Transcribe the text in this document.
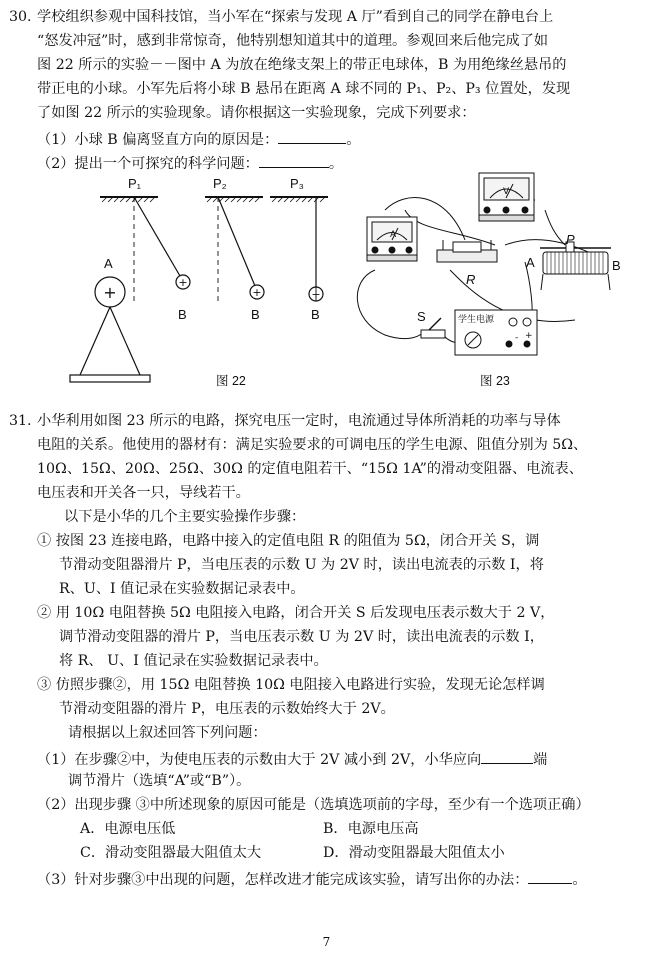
30. 学校组织参观中国科技馆，当小军在“探索与发现 A 厅”看到自己的同学在静电台上
“怒发冲冠”时，感到非常惊奇，他特别想知道其中的道理。参观回来后他完成了如
图 22 所示的实验－－图中 A 为放在绝缘支架上的带正电球体，B 为用绝缘丝悬吊的
带正电的小球。小军先后将小球 B 悬吊在距离 A 球不同的 P₁、P₂、P₃ 位置处，发现
了如图 22 所示的实验现象。请你根据这一实验现象，完成下列要求：
（1）小球 B 偏离竖直方向的原因是：	。
（2）提出一个可探究的科学问题：	。
+
+	+
+
P₁	P₂	P₃
A
B	B	B
图 22
V
A
- +
A	B
P
R
S	学生电源
图 23
31. 小华利用如图 23 所示的电路，探究电压一定时，电流通过导体所消耗的功率与导体
电阻的关系。他使用的器材有：满足实验要求的可调电压的学生电源、阻值分别为 5Ω、
10Ω、15Ω、20Ω、25Ω、30Ω 的定值电阻若干、“15Ω 1A”的滑动变阻器、电流表、
电压表和开关各一只，导线若干。
以下是小华的几个主要实验操作步骤：
① 按图 23 连接电路，电路中接入的定值电阻 R 的阻值为 5Ω，闭合开关 S，调
节滑动变阻器滑片 P，当电压表的示数 U 为 2V 时，读出电流表的示数 I，将
R、U、I 值记录在实验数据记录表中。
② 用 10Ω 电阻替换 5Ω 电阻接入电路，闭合开关 S 后发现电压表示数大于 2 V，
调节滑动变阻器的滑片 P，当电压表示数 U 为 2V 时，读出电流表的示数 I，
将 R、 U、I 值记录在实验数据记录表中。
③ 仿照步骤②，用 15Ω 电阻替换 10Ω 电阻接入电路进行实验，发现无论怎样调
节滑动变阻器的滑片 P，电压表的示数始终大于 2V。
请根据以上叙述回答下列问题：
（1）在步骤②中，为使电压表的示数由大于 2V 减小到 2V，小华应向	端
调节滑片（选填“A”或“B”）。
（2）出现步骤 ③中所述现象的原因可能是（选填选项前的字母，至少有一个选项正确）
A．电源电压低	B．电源电压高
C．滑动变阻器最大阻值太大	D．滑动变阻器最大阻值太小
（3）针对步骤③中出现的问题，怎样改进才能完成该实验，请写出你的办法：	。
7
